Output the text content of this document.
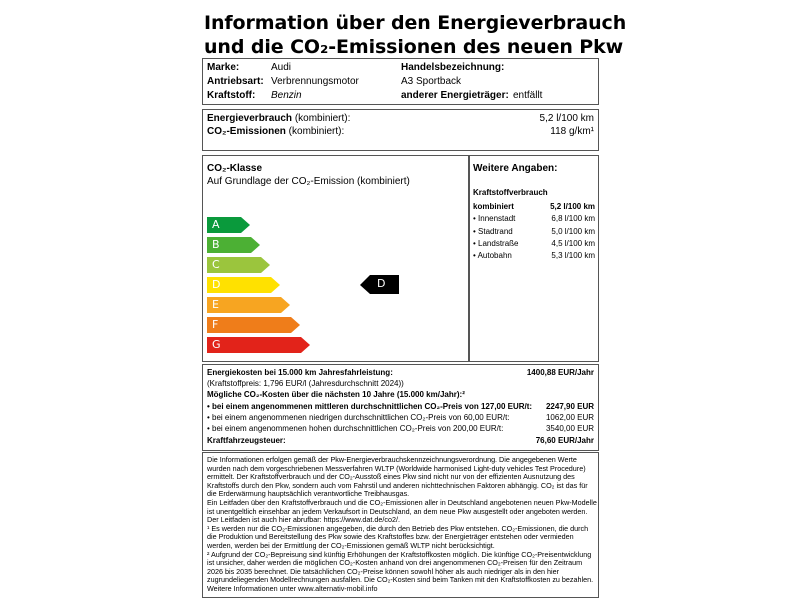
Information über den Energieverbrauch
und die CO₂-Emissionen des neuen Pkw
Marke:	Audi
Antriebsart: Verbrennungsmotor
Kraftstoff: Benzin
Handelsbezeichnung:
A3 Sportback
anderer Energieträger: entfällt
Energieverbrauch (kombiniert):	5,2 l/100 km
CO₂-Emissionen (kombiniert):	118 g/km¹
CO₂-Klasse
Auf Grundlage der CO₂-Emission (kombiniert)
A
B
C
D
E
F
G
D
Weitere Angaben:
Kraftstoffverbrauch
kombiniert	5,2 l/100 km
• Innenstadt	6,8 l/100 km
• Stadtrand	5,0 l/100 km
• Landstraße	4,5 l/100 km
• Autobahn	5,3 l/100 km
Energiekosten bei 15.000 km Jahresfahrleistung:	1400,88 EUR/Jahr
(Kraftstoffpreis: 1,796 EUR/l (Jahresdurchschnitt 2024))
Mögliche CO₂-Kosten über die nächsten 10 Jahre (15.000 km/Jahr):²
• bei einem angenommenen mittleren durchschnittlichen CO₂-Preis von 127,00 EUR/t: 2247,90 EUR
• bei einem angenommenen niedrigen durchschnittlichen CO₂-Preis von 60,00 EUR/t:	1062,00 EUR
• bei einem angenommenen hohen durchschnittlichen CO₂-Preis von 200,00 EUR/t:	3540,00 EUR
Kraftfahrzeugsteuer:	76,60 EUR/Jahr

Die Informationen erfolgen gemäß der Pkw-Energieverbrauchskennzeichnungsverordnung. Die angegebenen Werte wurden nach dem vorgeschriebenen Messverfahren WLTP (Worldwide harmonised Light-duty vehicles Test Procedure) ermittelt. Der Kraftstoffverbrauch und der CO₂-Ausstoß eines Pkw sind nicht nur von der effizienten Ausnutzung des Kraftstoffs durch den Pkw, sondern auch vom Fahrstil und anderen nichttechnischen Faktoren abhängig. CO₂ ist das für die Erderwärmung hauptsächlich verantwortliche Treibhausgas.

Ein Leitfaden über den Kraftstoffverbrauch und die CO₂-Emissionen aller in Deutschland angebotenen neuen Pkw-Modelle ist unentgeltlich einsehbar an jedem Verkaufsort in Deutschland, an dem neue Pkw ausgestellt oder angeboten werden. Der Leitfaden ist auch hier abrufbar: https://www.dat.de/co2/.

¹ Es werden nur die CO₂-Emissionen angegeben, die durch den Betrieb des Pkw entstehen. CO₂-Emissionen, die durch die Produktion und Bereitstellung des Pkw sowie des Kraftstoffes bzw. der Energieträger entstehen oder vermieden werden, werden bei der Ermittlung der CO₂-Emissionen gemäß WLTP nicht berücksichtigt.

² Aufgrund der CO₂-Bepreisung sind künftig Erhöhungen der Kraftstoffkosten möglich. Die künftige CO₂-Preisentwicklung ist unsicher, daher werden die möglichen CO₂-Kosten anhand von drei angenommenen CO₂-Preisen für den Zeitraum 2026 bis 2035 berechnet. Die tatsächlichen CO₂-Preise können sowohl höher als auch niedriger als in den hier zugrundeliegenden Modellrechnungen ausfallen. Die CO₂-Kosten sind beim Tanken mit den Kraftstoffkosten zu bezahlen. Weitere Informationen unter www.alternativ-mobil.info
